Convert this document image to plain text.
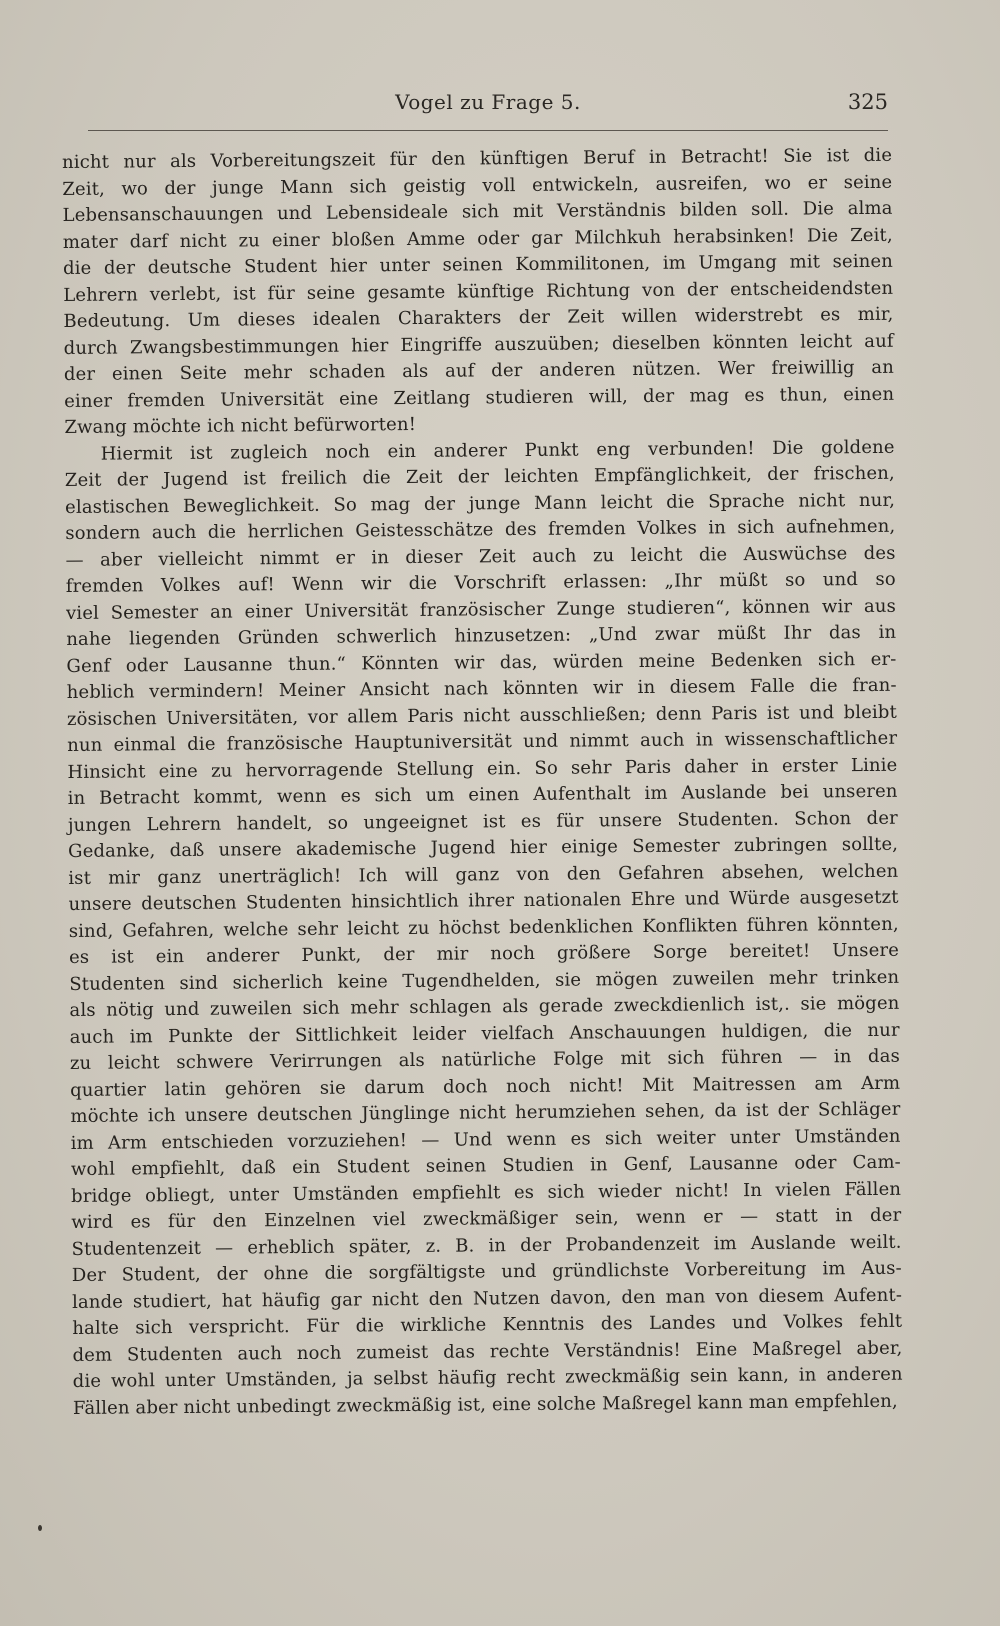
Vogel zu Frage 5.	325
nicht nur als Vorbereitungszeit für den künftigen Beruf in Betracht! Sie ist die
Zeit, wo der junge Mann sich geistig voll entwickeln, ausreifen, wo er seine
Lebensanschauungen und Lebensideale sich mit Verständnis bilden soll. Die alma
mater darf nicht zu einer bloßen Amme oder gar Milchkuh herabsinken! Die Zeit,
die der deutsche Student hier unter seinen Kommilitonen, im Umgang mit seinen
Lehrern verlebt, ist für seine gesamte künftige Richtung von der entscheidendsten
Bedeutung. Um dieses idealen Charakters der Zeit willen widerstrebt es mir,
durch Zwangsbestimmungen hier Eingriffe auszuüben; dieselben könnten leicht auf
der einen Seite mehr schaden als auf der anderen nützen. Wer freiwillig an
einer fremden Universität eine Zeitlang studieren will, der mag es thun, einen
Zwang möchte ich nicht befürworten!
Hiermit ist zugleich noch ein anderer Punkt eng verbunden! Die goldene
Zeit der Jugend ist freilich die Zeit der leichten Empfänglichkeit, der frischen,
elastischen Beweglichkeit. So mag der junge Mann leicht die Sprache nicht nur,
sondern auch die herrlichen Geistesschätze des fremden Volkes in sich aufnehmen,
— aber vielleicht nimmt er in dieser Zeit auch zu leicht die Auswüchse des
fremden Volkes auf! Wenn wir die Vorschrift erlassen: „Ihr müßt so und so
viel Semester an einer Universität französischer Zunge studieren“, können wir aus
nahe liegenden Gründen schwerlich hinzusetzen: „Und zwar müßt Ihr das in
Genf oder Lausanne thun.“ Könnten wir das, würden meine Bedenken sich er-
heblich vermindern! Meiner Ansicht nach könnten wir in diesem Falle die fran-
zösischen Universitäten, vor allem Paris nicht ausschließen; denn Paris ist und bleibt
nun einmal die französische Hauptuniversität und nimmt auch in wissenschaftlicher
Hinsicht eine zu hervorragende Stellung ein. So sehr Paris daher in erster Linie
in Betracht kommt, wenn es sich um einen Aufenthalt im Auslande bei unseren
jungen Lehrern handelt, so ungeeignet ist es für unsere Studenten. Schon der
Gedanke, daß unsere akademische Jugend hier einige Semester zubringen sollte,
ist mir ganz unerträglich! Ich will ganz von den Gefahren absehen, welchen
unsere deutschen Studenten hinsichtlich ihrer nationalen Ehre und Würde ausgesetzt
sind, Gefahren, welche sehr leicht zu höchst bedenklichen Konflikten führen könnten,
es ist ein anderer Punkt, der mir noch größere Sorge bereitet! Unsere
Studenten sind sicherlich keine Tugendhelden, sie mögen zuweilen mehr trinken
als nötig und zuweilen sich mehr schlagen als gerade zweckdienlich ist,. sie mögen
auch im Punkte der Sittlichkeit leider vielfach Anschauungen huldigen, die nur
zu leicht schwere Verirrungen als natürliche Folge mit sich führen — in das
quartier latin gehören sie darum doch noch nicht! Mit Maitressen am Arm
möchte ich unsere deutschen Jünglinge nicht herumziehen sehen, da ist der Schläger
im Arm entschieden vorzuziehen! — Und wenn es sich weiter unter Umständen
wohl empfiehlt, daß ein Student seinen Studien in Genf, Lausanne oder Cam-
bridge obliegt, unter Umständen empfiehlt es sich wieder nicht! In vielen Fällen
wird es für den Einzelnen viel zweckmäßiger sein, wenn er — statt in der
Studentenzeit — erheblich später, z. B. in der Probandenzeit im Auslande weilt.
Der Student, der ohne die sorgfältigste und gründlichste Vorbereitung im Aus-
lande studiert, hat häufig gar nicht den Nutzen davon, den man von diesem Aufent-
halte sich verspricht. Für die wirkliche Kenntnis des Landes und Volkes fehlt
dem Studenten auch noch zumeist das rechte Verständnis! Eine Maßregel aber,
die wohl unter Umständen, ja selbst häufig recht zweckmäßig sein kann, in anderen
Fällen aber nicht unbedingt zweckmäßig ist, eine solche Maßregel kann man empfehlen,
